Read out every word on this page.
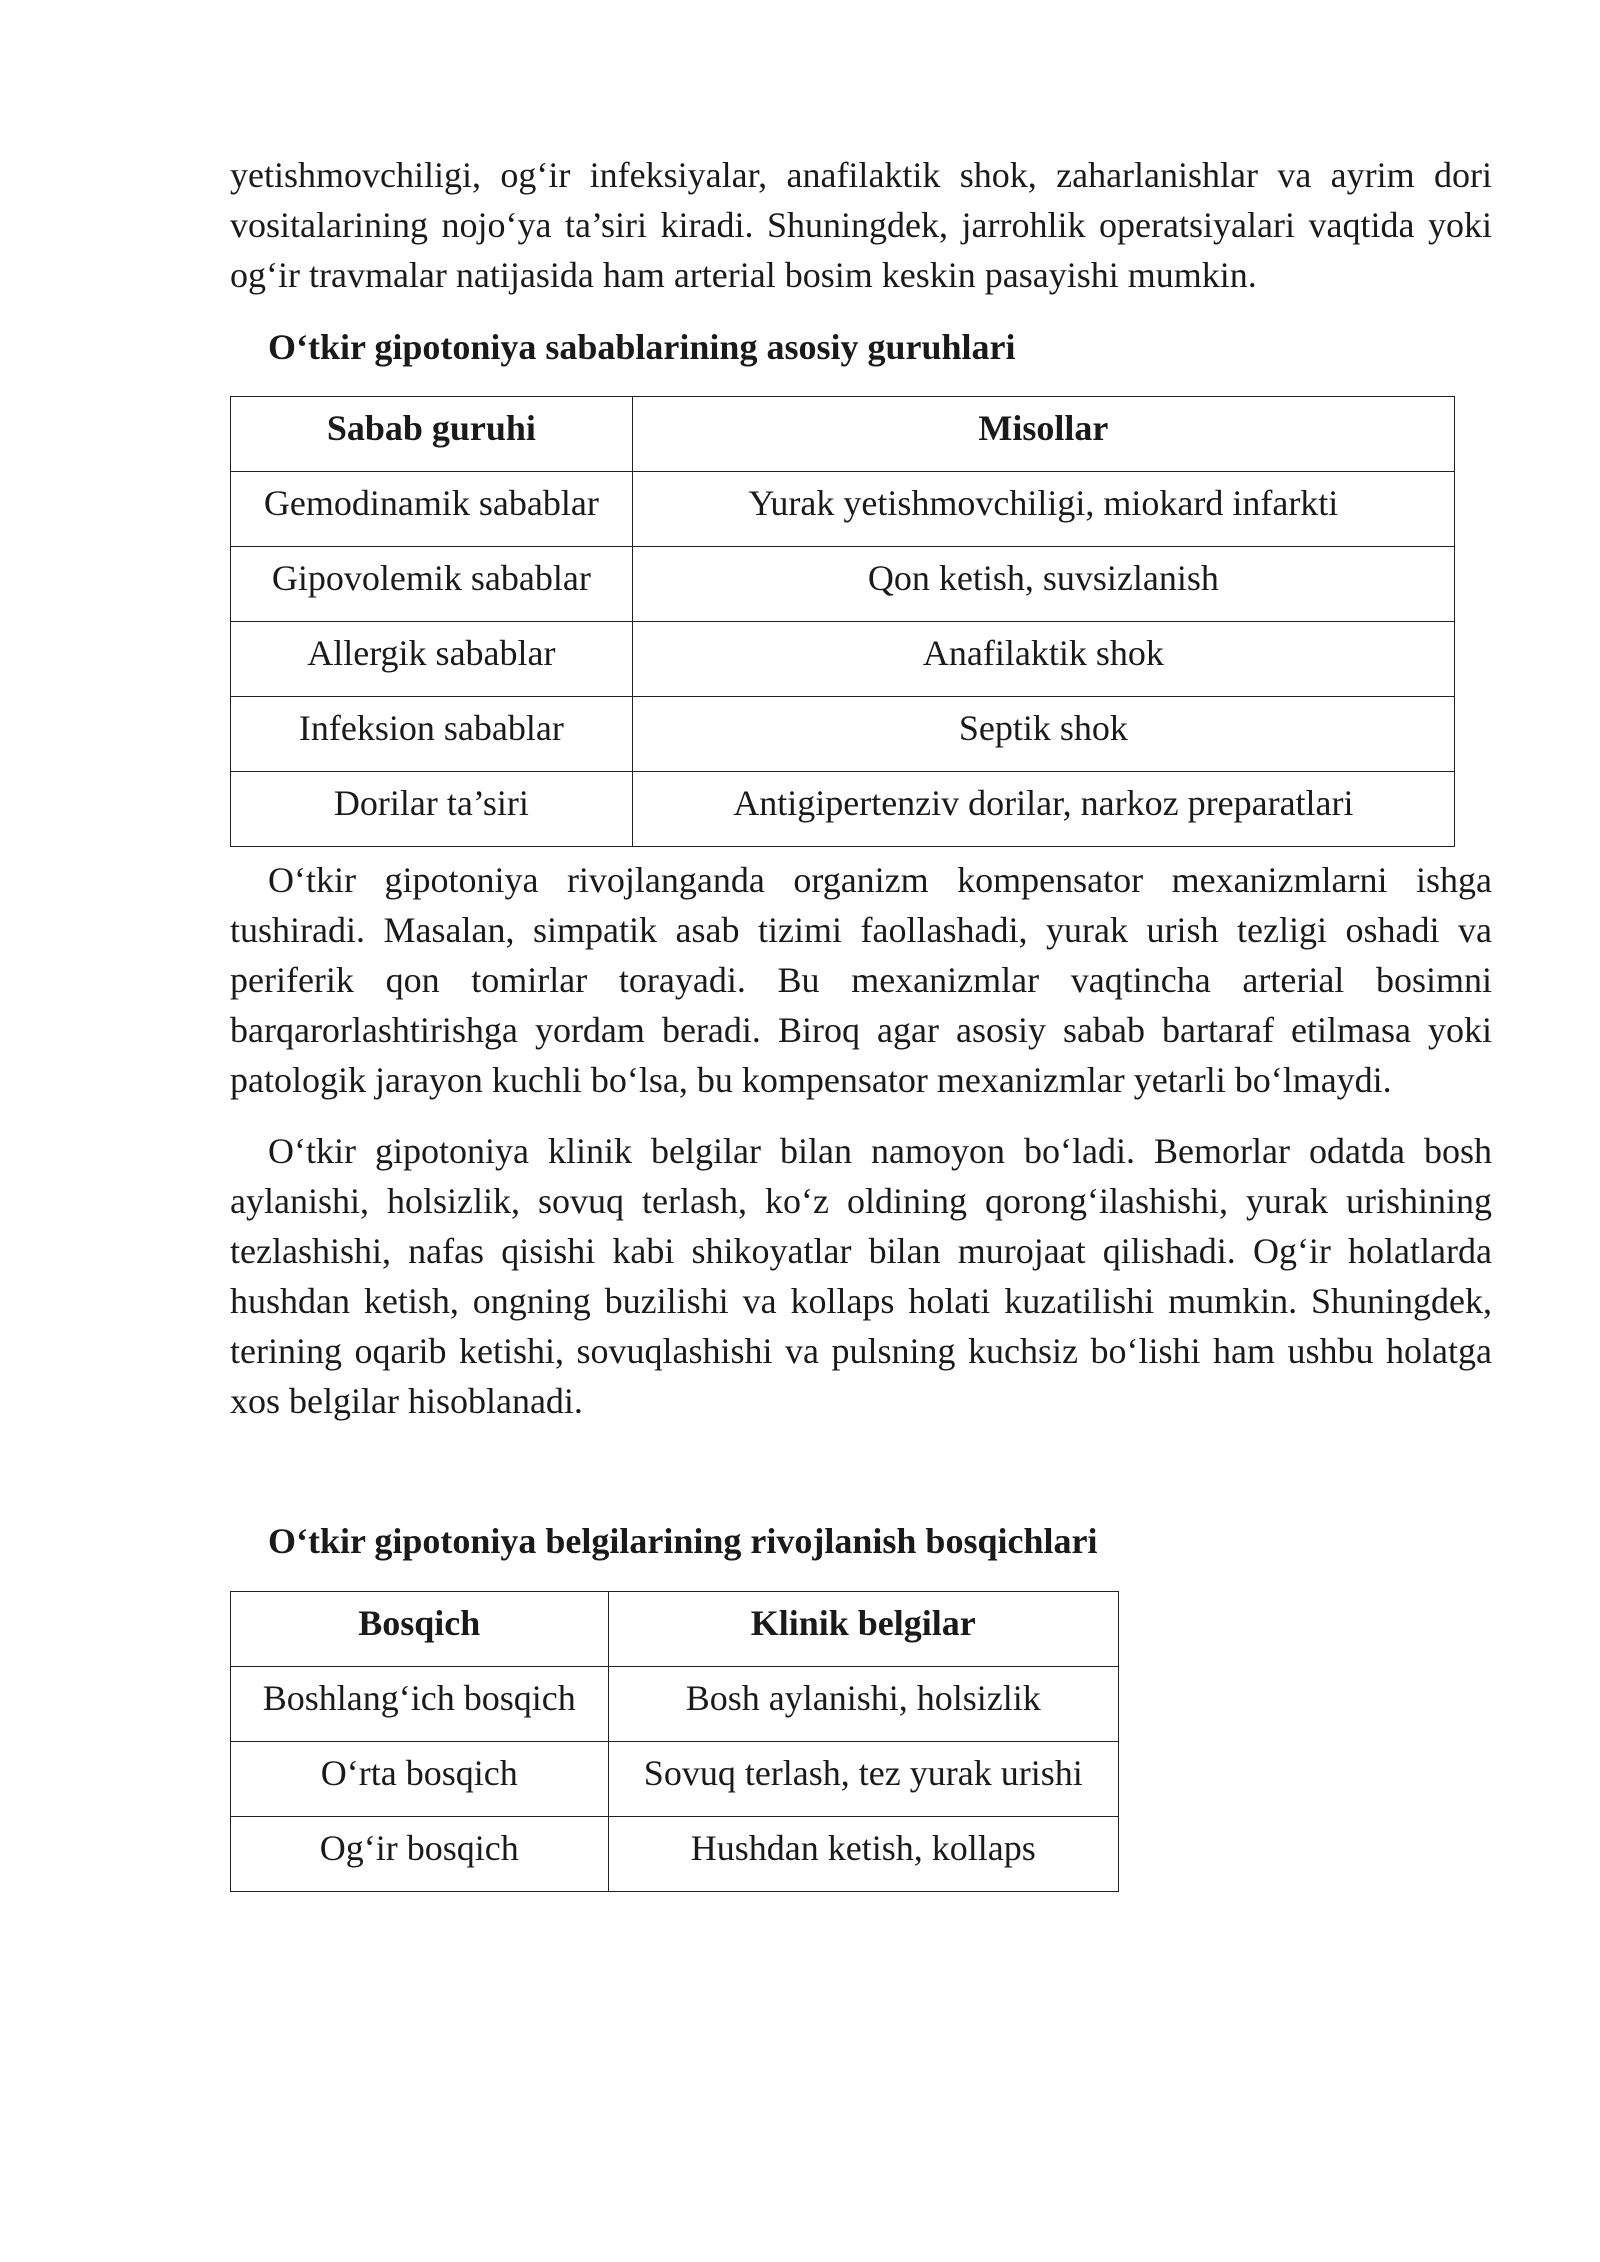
yetishmovchiligi, og‘ir infeksiyalar, anafilaktik shok, zaharlanishlar va ayrim dori vositalarining nojo‘ya ta’siri kiradi. Shuningdek, jarrohlik operatsiyalari vaqtida yoki og‘ir travmalar natijasida ham arterial bosim keskin pasayishi mumkin.

O‘tkir gipotoniya sabablarining asosiy guruhlari

Sabab guruhi	Misollar

Gemodinamik sabablar	Yurak yetishmovchiligi, miokard infarkti

Gipovolemik sabablar	Qon ketish, suvsizlanish

Allergik sabablar	Anafilaktik shok

Infeksion sabablar	Septik shok

Dorilar ta’siri	Antigipertenziv dorilar, narkoz preparatlari

O‘tkir gipotoniya rivojlanganda organizm kompensator mexanizmlarni ishga tushiradi. Masalan, simpatik asab tizimi faollashadi, yurak urish tezligi oshadi va periferik qon tomirlar torayadi. Bu mexanizmlar vaqtincha arterial bosimni barqarorlashtirishga yordam beradi. Biroq agar asosiy sabab bartaraf etilmasa yoki patologik jarayon kuchli bo‘lsa, bu kompensator mexanizmlar yetarli bo‘lmaydi.

O‘tkir gipotoniya klinik belgilar bilan namoyon bo‘ladi. Bemorlar odatda bosh aylanishi, holsizlik, sovuq terlash, ko‘z oldining qorong‘ilashishi, yurak urishining tezlashishi, nafas qisishi kabi shikoyatlar bilan murojaat qilishadi. Og‘ir holatlarda hushdan ketish, ongning buzilishi va kollaps holati kuzatilishi mumkin. Shuningdek, terining oqarib ketishi, sovuqlashishi va pulsning kuchsiz bo‘lishi ham ushbu holatga xos belgilar hisoblanadi.

O‘tkir gipotoniya belgilarining rivojlanish bosqichlari

Bosqich	Klinik belgilar

Boshlang‘ich bosqich	Bosh aylanishi, holsizlik

O‘rta bosqich	Sovuq terlash, tez yurak urishi

Og‘ir bosqich	Hushdan ketish, kollaps
